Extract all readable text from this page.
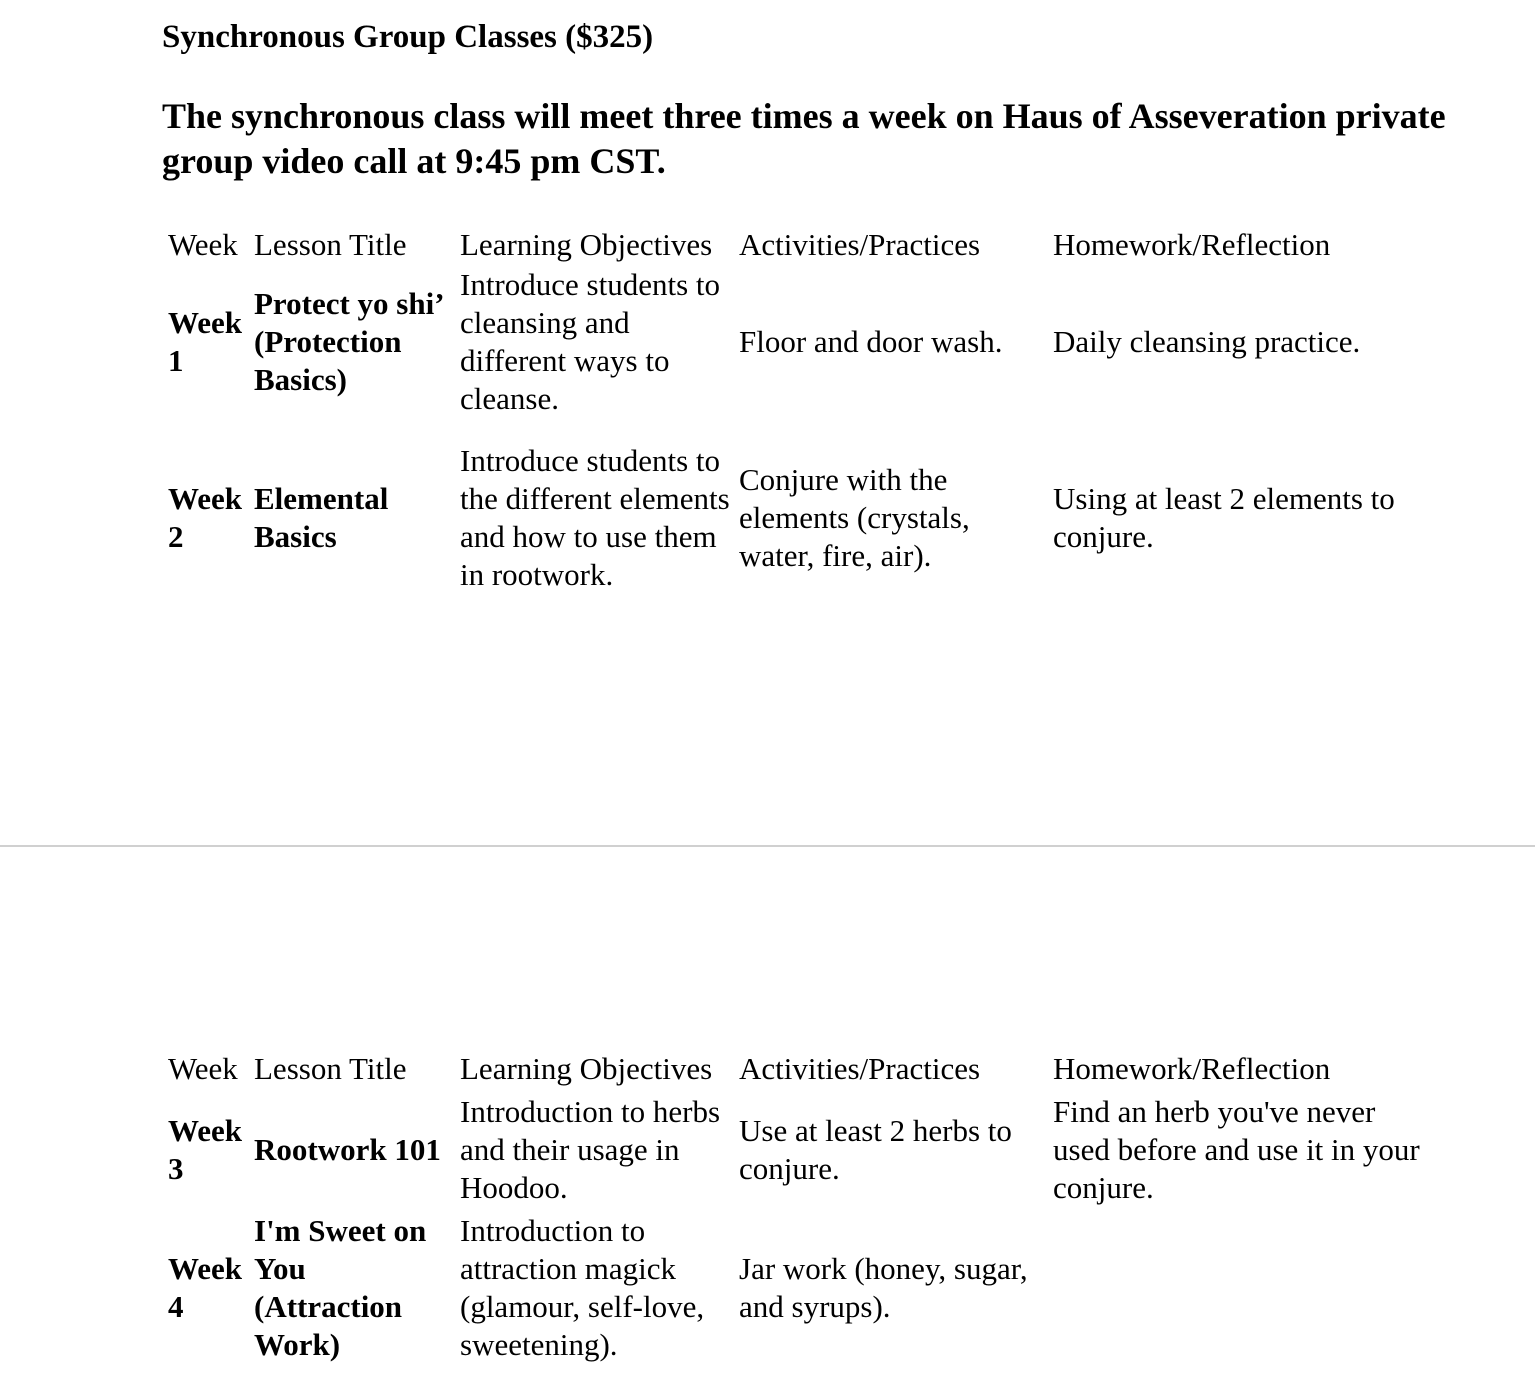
Synchronous Group Classes ($325)

The synchronous class will meet three times a week on Haus of Asseveration private group video call at 9:45 pm CST.

Week	Lesson Title	Learning Objectives	Activities/Practices	Homework/Reflection
Week 1	Protect yo shi’ (Protection Basics)	Introduce students to cleansing and different ways to cleanse.	Floor and door wash.	Daily cleansing practice.
Week 2	Elemental Basics	Introduce students to the different elements and how to use them in rootwork.	Conjure with the elements (crystals, water, fire, air).	Using at least 2 elements to conjure.
Week	Lesson Title	Learning Objectives	Activities/Practices	Homework/Reflection
Week 3	Rootwork 101	Introduction to herbs and their usage in Hoodoo.	Use at least 2 herbs to conjure.	Find an herb you've never used before and use it in your conjure.
Week 4	I'm Sweet on You (Attraction Work)	Introduction to attraction magick (glamour, self-love, sweetening).	Jar work (honey, sugar, and syrups).	
